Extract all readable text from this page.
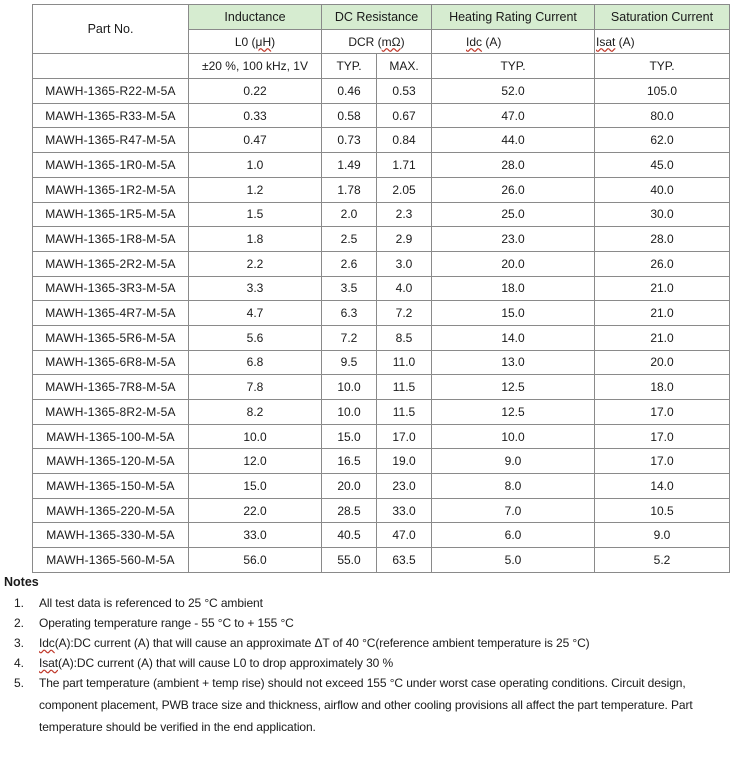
Part No.	Inductance	DC Resistance		Heating Rating Current	Saturation Current
	L0 (μH)	DCR (mΩ)		Idc (A)	Isat (A)
	±20 %, 100 kHz, 1V	TYP.	MAX.	TYP.	TYP.
MAWH-1365-R22-M-5A	0.22	0.46	0.53	52.0	105.0
MAWH-1365-R33-M-5A	0.33	0.58	0.67	47.0	80.0
MAWH-1365-R47-M-5A	0.47	0.73	0.84	44.0	62.0
MAWH-1365-1R0-M-5A	1.0	1.49	1.71	28.0	45.0
MAWH-1365-1R2-M-5A	1.2	1.78	2.05	26.0	40.0
MAWH-1365-1R5-M-5A	1.5	2.0	2.3	25.0	30.0
MAWH-1365-1R8-M-5A	1.8	2.5	2.9	23.0	28.0
MAWH-1365-2R2-M-5A	2.2	2.6	3.0	20.0	26.0
MAWH-1365-3R3-M-5A	3.3	3.5	4.0	18.0	21.0
MAWH-1365-4R7-M-5A	4.7	6.3	7.2	15.0	21.0
MAWH-1365-5R6-M-5A	5.6	7.2	8.5	14.0	21.0
MAWH-1365-6R8-M-5A	6.8	9.5	11.0	13.0	20.0
MAWH-1365-7R8-M-5A	7.8	10.0	11.5	12.5	18.0
MAWH-1365-8R2-M-5A	8.2	10.0	11.5	12.5	17.0
MAWH-1365-100-M-5A	10.0	15.0	17.0	10.0	17.0
MAWH-1365-120-M-5A	12.0	16.5	19.0	9.0	17.0
MAWH-1365-150-M-5A	15.0	20.0	23.0	8.0	14.0
MAWH-1365-220-M-5A	22.0	28.5	33.0	7.0	10.5
MAWH-1365-330-M-5A	33.0	40.5	47.0	6.0	9.0
MAWH-1365-560-M-5A	56.0	55.0	63.5	5.0	5.2
Notes
1.	All test data is referenced to 25 °C ambient
2.	Operating temperature range - 55 °C to + 155 °C
3.	Idc(A):DC current (A) that will cause an approximate ΔT of 40 °C(reference ambient temperature is 25 °C)
4.	Isat(A):DC current (A) that will cause L0 to drop approximately 30 %
5.	The part temperature (ambient + temp rise) should not exceed 155 °C under worst case operating conditions. Circuit design, component placement, PWB trace size and thickness, airflow and other cooling provisions all affect the part temperature. Part temperature should be verified in the end application.
